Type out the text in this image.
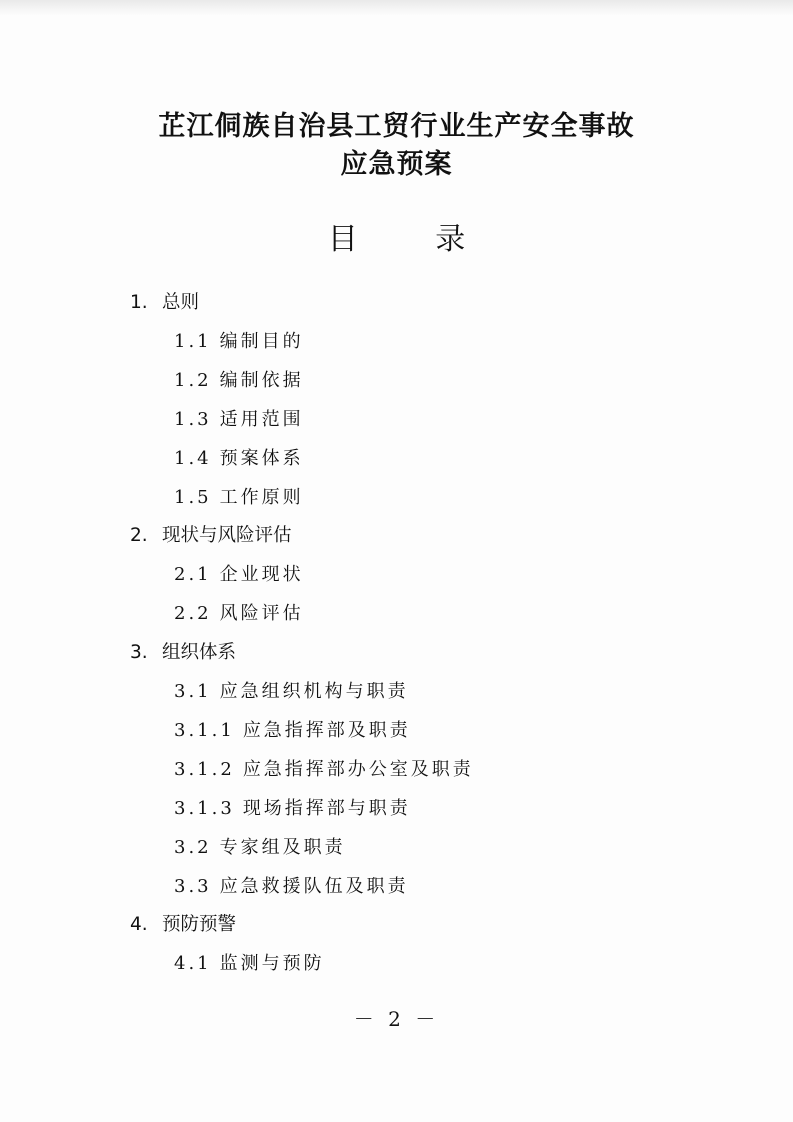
芷江侗族自治县工贸行业生产安全事故
应急预案
目 录
1. 总则
1.1 编制目的
1.2 编制依据
1.3 适用范围
1.4 预案体系
1.5 工作原则
2. 现状与风险评估
2.1 企业现状
2.2 风险评估
3. 组织体系
3.1 应急组织机构与职责
3.1.1 应急指挥部及职责
3.1.2 应急指挥部办公室及职责
3.1.3 现场指挥部与职责
3.2 专家组及职责
3.3 应急救援队伍及职责
4. 预防预警
4.1 监测与预防
－ 2 －
